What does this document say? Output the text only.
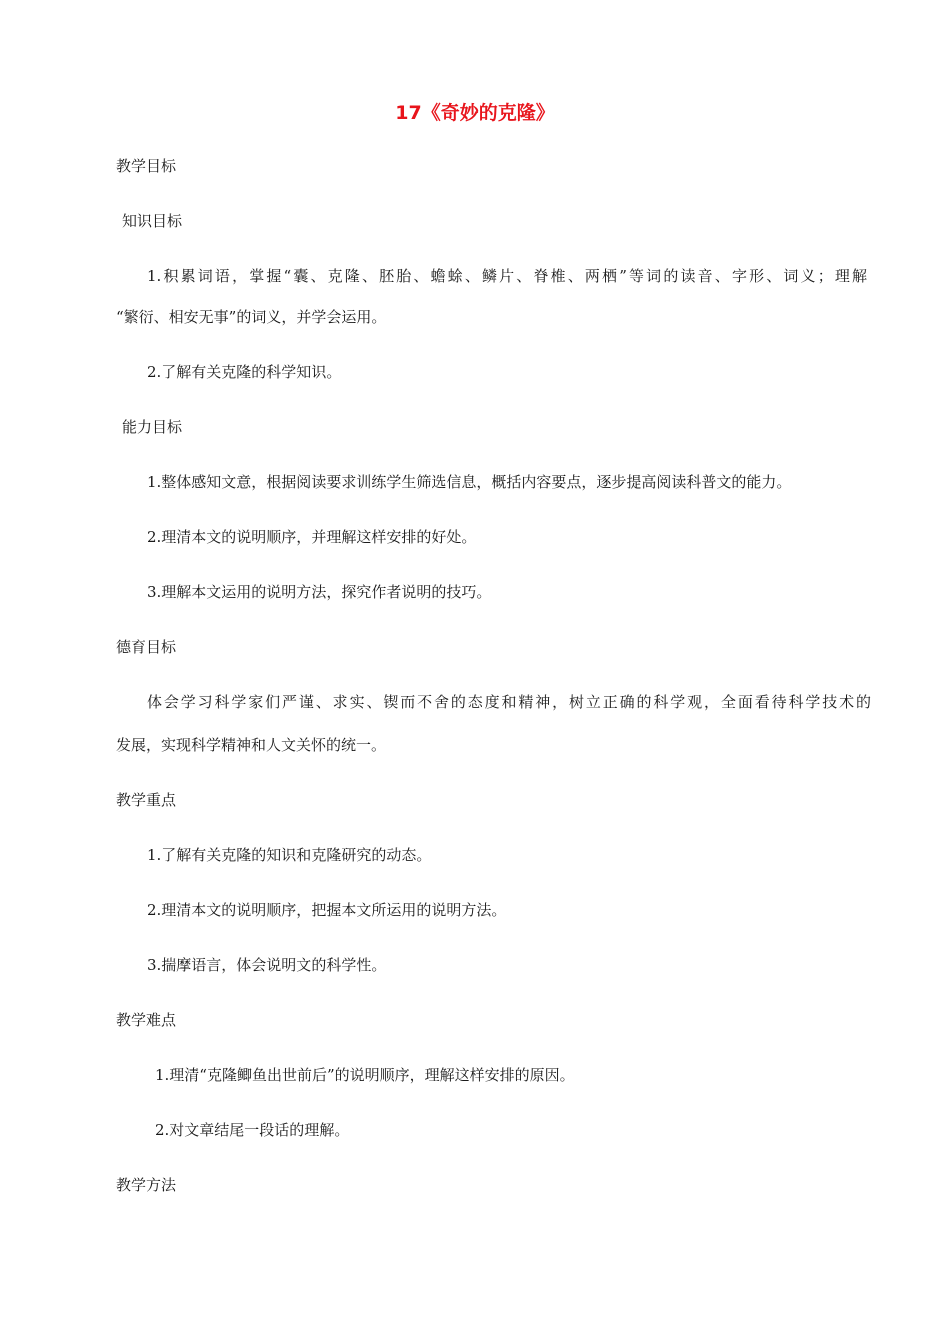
17《奇妙的克隆》
教学目标
知识目标
1.积累词语，掌握“囊、克隆、胚胎、蟾蜍、鳞片、脊椎、两栖”等词的读音、字形、词义；理解
“繁衍、相安无事”的词义，并学会运用。
2.了解有关克隆的科学知识。
能力目标
1.整体感知文意，根据阅读要求训练学生筛选信息，概括内容要点，逐步提高阅读科普文的能力。
2.理清本文的说明顺序，并理解这样安排的好处。
3.理解本文运用的说明方法，探究作者说明的技巧。
德育目标
体会学习科学家们严谨、求实、锲而不舍的态度和精神，树立正确的科学观，全面看待科学技术的
发展，实现科学精神和人文关怀的统一。
教学重点
1.了解有关克隆的知识和克隆研究的动态。
2.理清本文的说明顺序，把握本文所运用的说明方法。
3.揣摩语言，体会说明文的科学性。
教学难点
1.理清“克隆鲫鱼出世前后”的说明顺序，理解这样安排的原因。
2.对文章结尾一段话的理解。
教学方法
